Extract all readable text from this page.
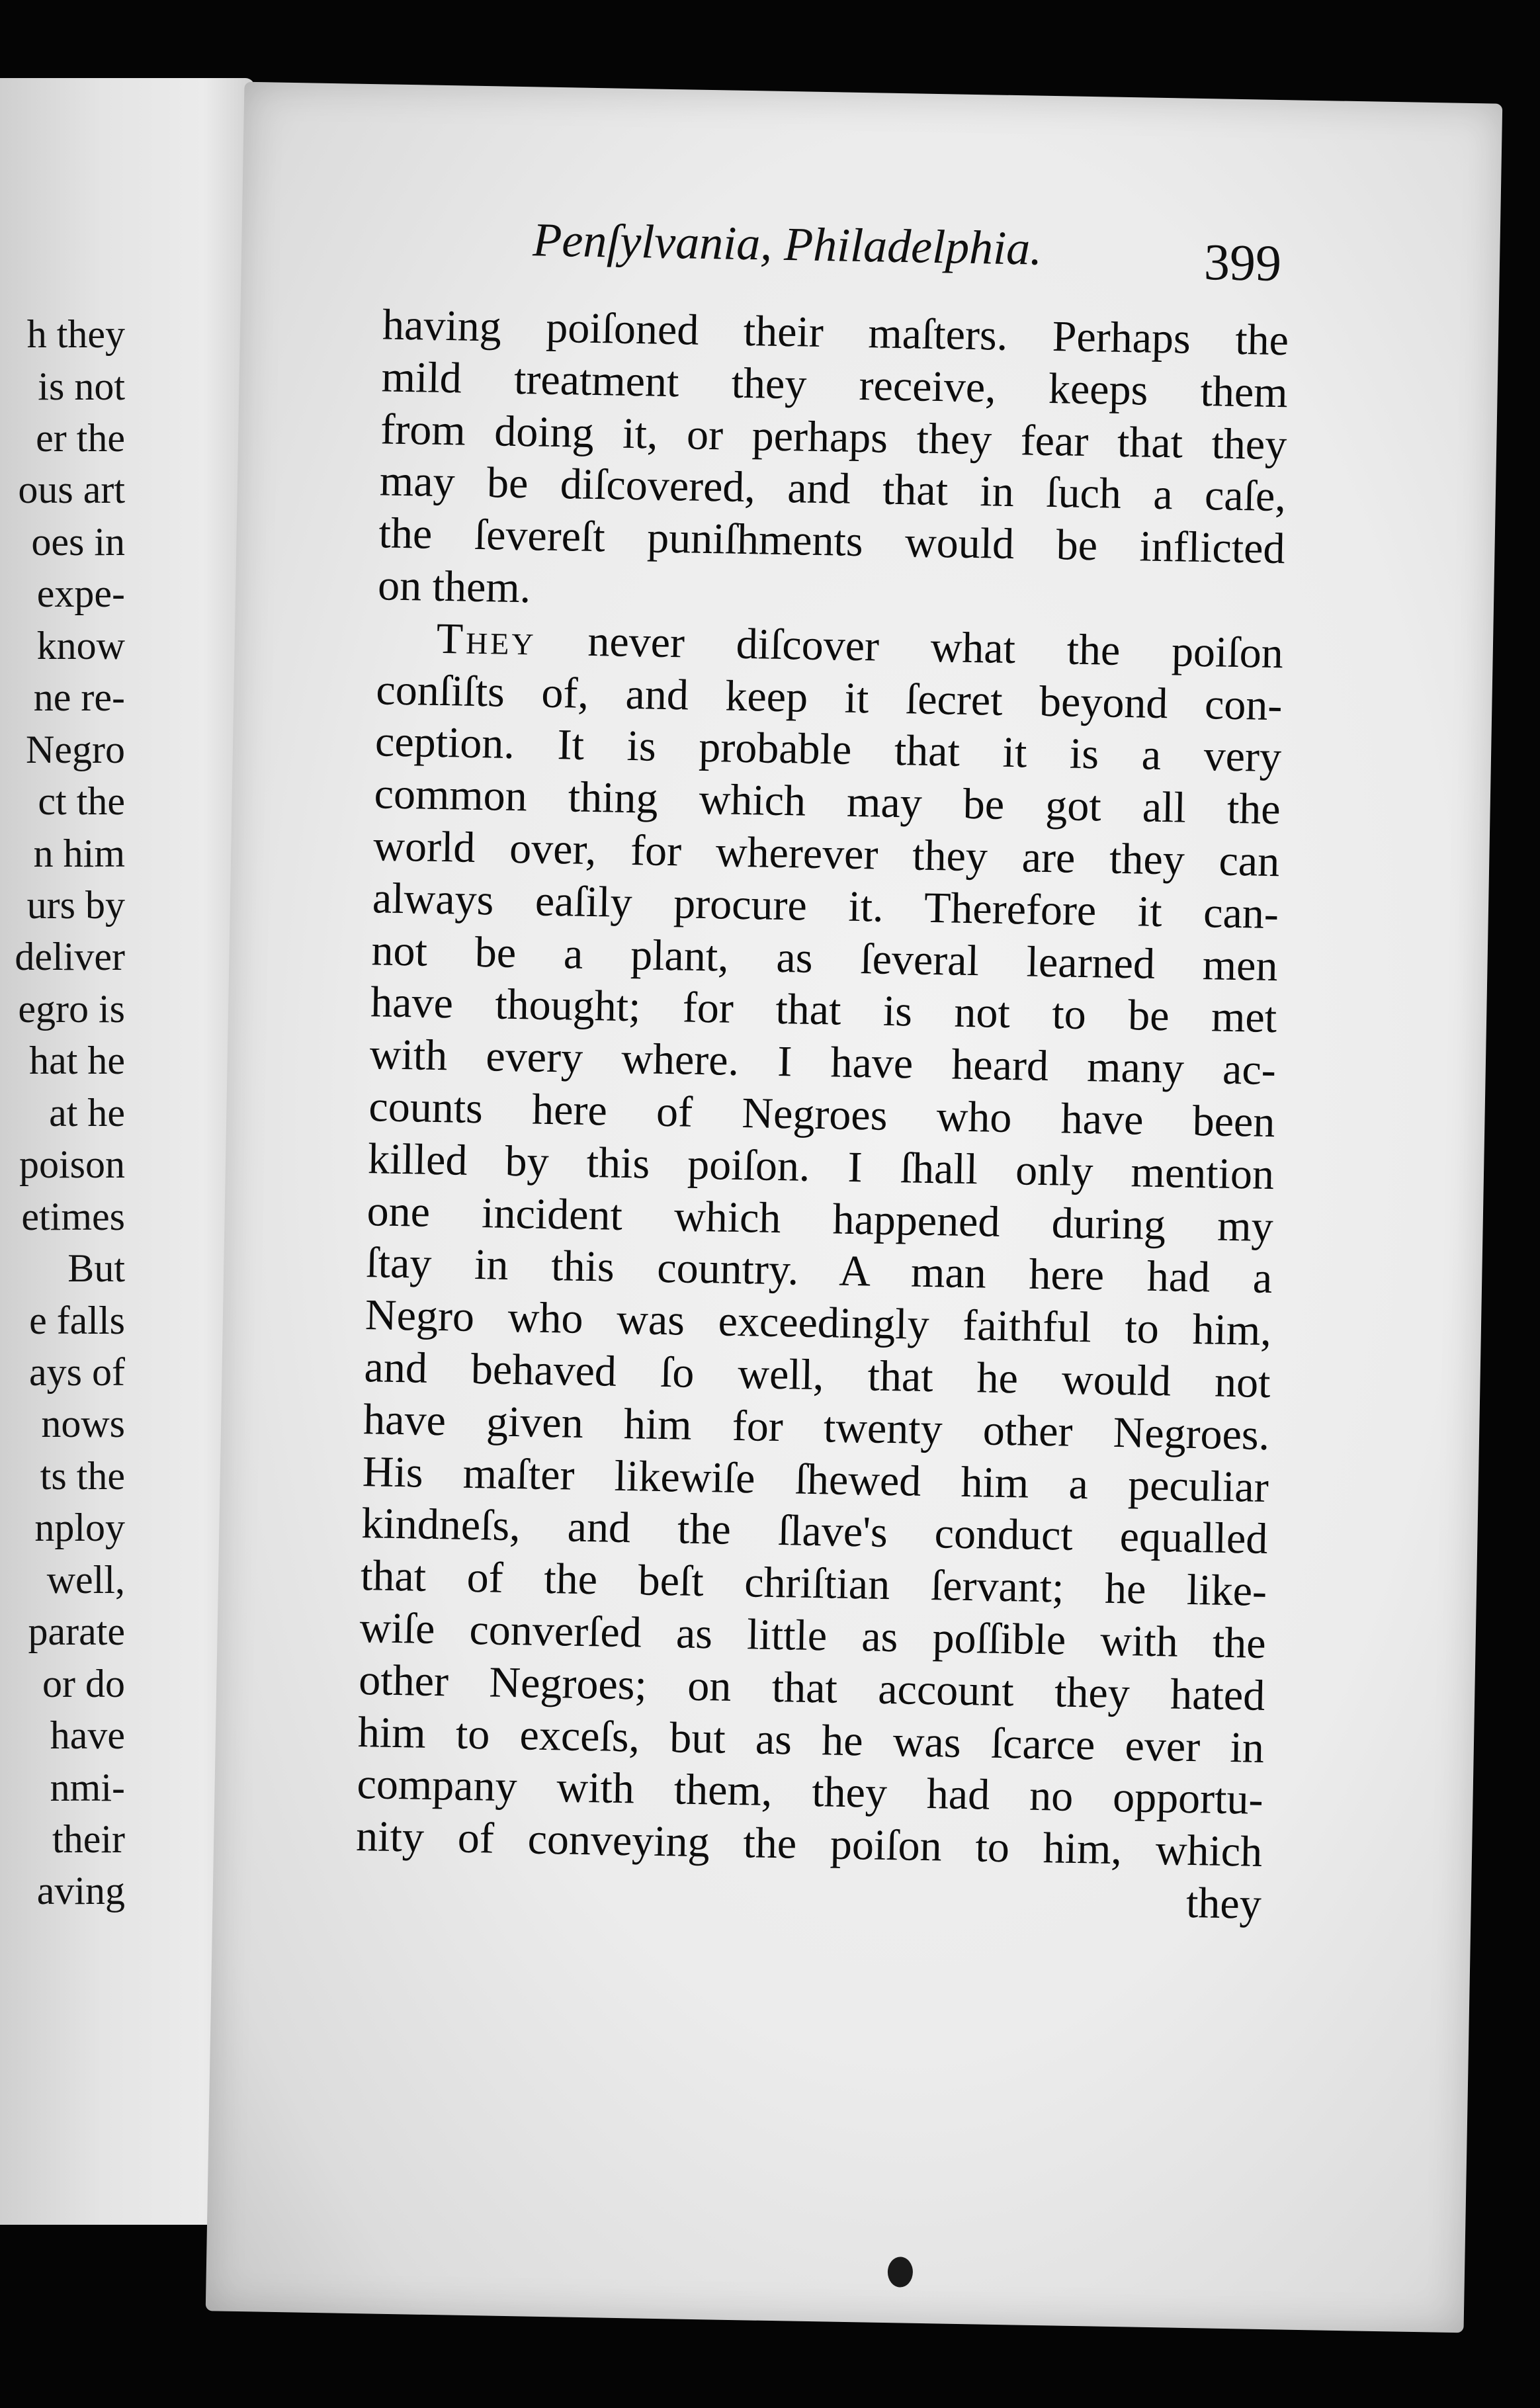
h they
is not
er the
ous art
oes in
expe-
know
ne re-
Negro
ct the
n him
urs by
deliver
egro is
hat he
at he
poison
etimes
But
e falls
ays of
nows
ts the
nploy
well,
parate
or do
have
nmi-
their
aving
Penſylvania, Philadelphia.	399
having poiſoned their maſters. Perhaps the
mild treatment they receive, keeps them
from doing it, or perhaps they fear that they
may be diſcovered, and that in ſuch a caſe,
the ſevereſt puniſhments would be inflicted
on them.
They never diſcover what the poiſon
conſiſts of, and keep it ſecret beyond con-
ception. It is probable that it is a very
common thing which may be got all the
world over, for wherever they are they can
always eaſily procure it. Therefore it can-
not be a plant, as ſeveral learned men
have thought; for that is not to be met
with every where. I have heard many ac-
counts here of Negroes who have been
killed by this poiſon. I ſhall only mention
one incident which happened during my
ſtay in this country. A man here had a
Negro who was exceedingly faithful to him,
and behaved ſo well, that he would not
have given him for twenty other Negroes.
His maſter likewiſe ſhewed him a peculiar
kindneſs, and the ſlave's conduct equalled
that of the beſt chriſtian ſervant; he like-
wiſe converſed as little as poſſible with the
other Negroes; on that account they hated
him to exceſs, but as he was ſcarce ever in
company with them, they had no opportu-
nity of conveying the poiſon to him, which
they
